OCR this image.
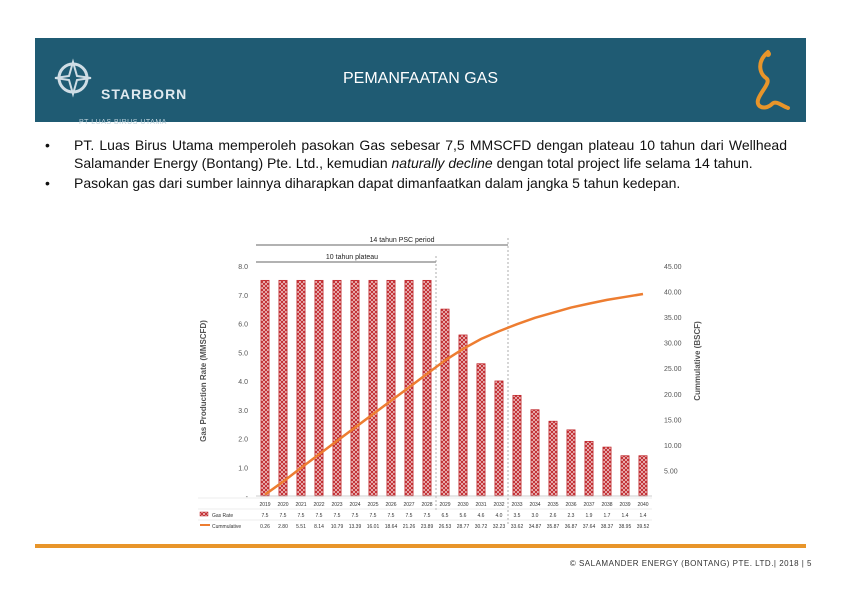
STARBORN
PT LUAS BIRUS UTAMA
PEMANFAATAN GAS
• PT. Luas Birus Utama memperoleh pasokan Gas sebesar 7,5 MMSCFD dengan plateau 10 tahun dari Wellhead Salamander Energy (Bontang) Pte. Ltd., kemudian naturally decline dengan total project life selama 14 tahun.
• Pasokan gas dari sumber lainnya diharapkan dapat dimanfaatkan dalam jangka 5 tahun kedepan.
14 tahun PSC period
10 tahun plateau
-
1.0
2.0
3.0
4.0
5.0
6.0
7.0
8.0
5.00
10.00
15.00
20.00
25.00
30.00
35.00
40.00
45.00
Gas Production Rate (MMSCFD)	Cummulative (BSCF)
2019 2020 2021 2022 2023 2024 2025 2026 2027 2028 2029 2030 2031 2032 2033 2034 2035 2036 2037 2038 2039 2040
Gas Rate	7.5 7.5 7.5 7.5 7.5 7.5 7.5 7.5 7.5 7.5 6.5 5.6 4.6 4.0 3.5 3.0 2.6 2.3 1.9 1.7 1.4 1.4
Cummulative	0.26 2.80 5.51 8.14 10.79 13.39 16.01 18.64 21.26 23.89 26.53 28.77 30.72 32.23 33.62 34.87 35.87 36.87 37.64 38.37 38.95 39.52
© SALAMANDER ENERGY (BONTANG) PTE. LTD.| 2018 | 5
